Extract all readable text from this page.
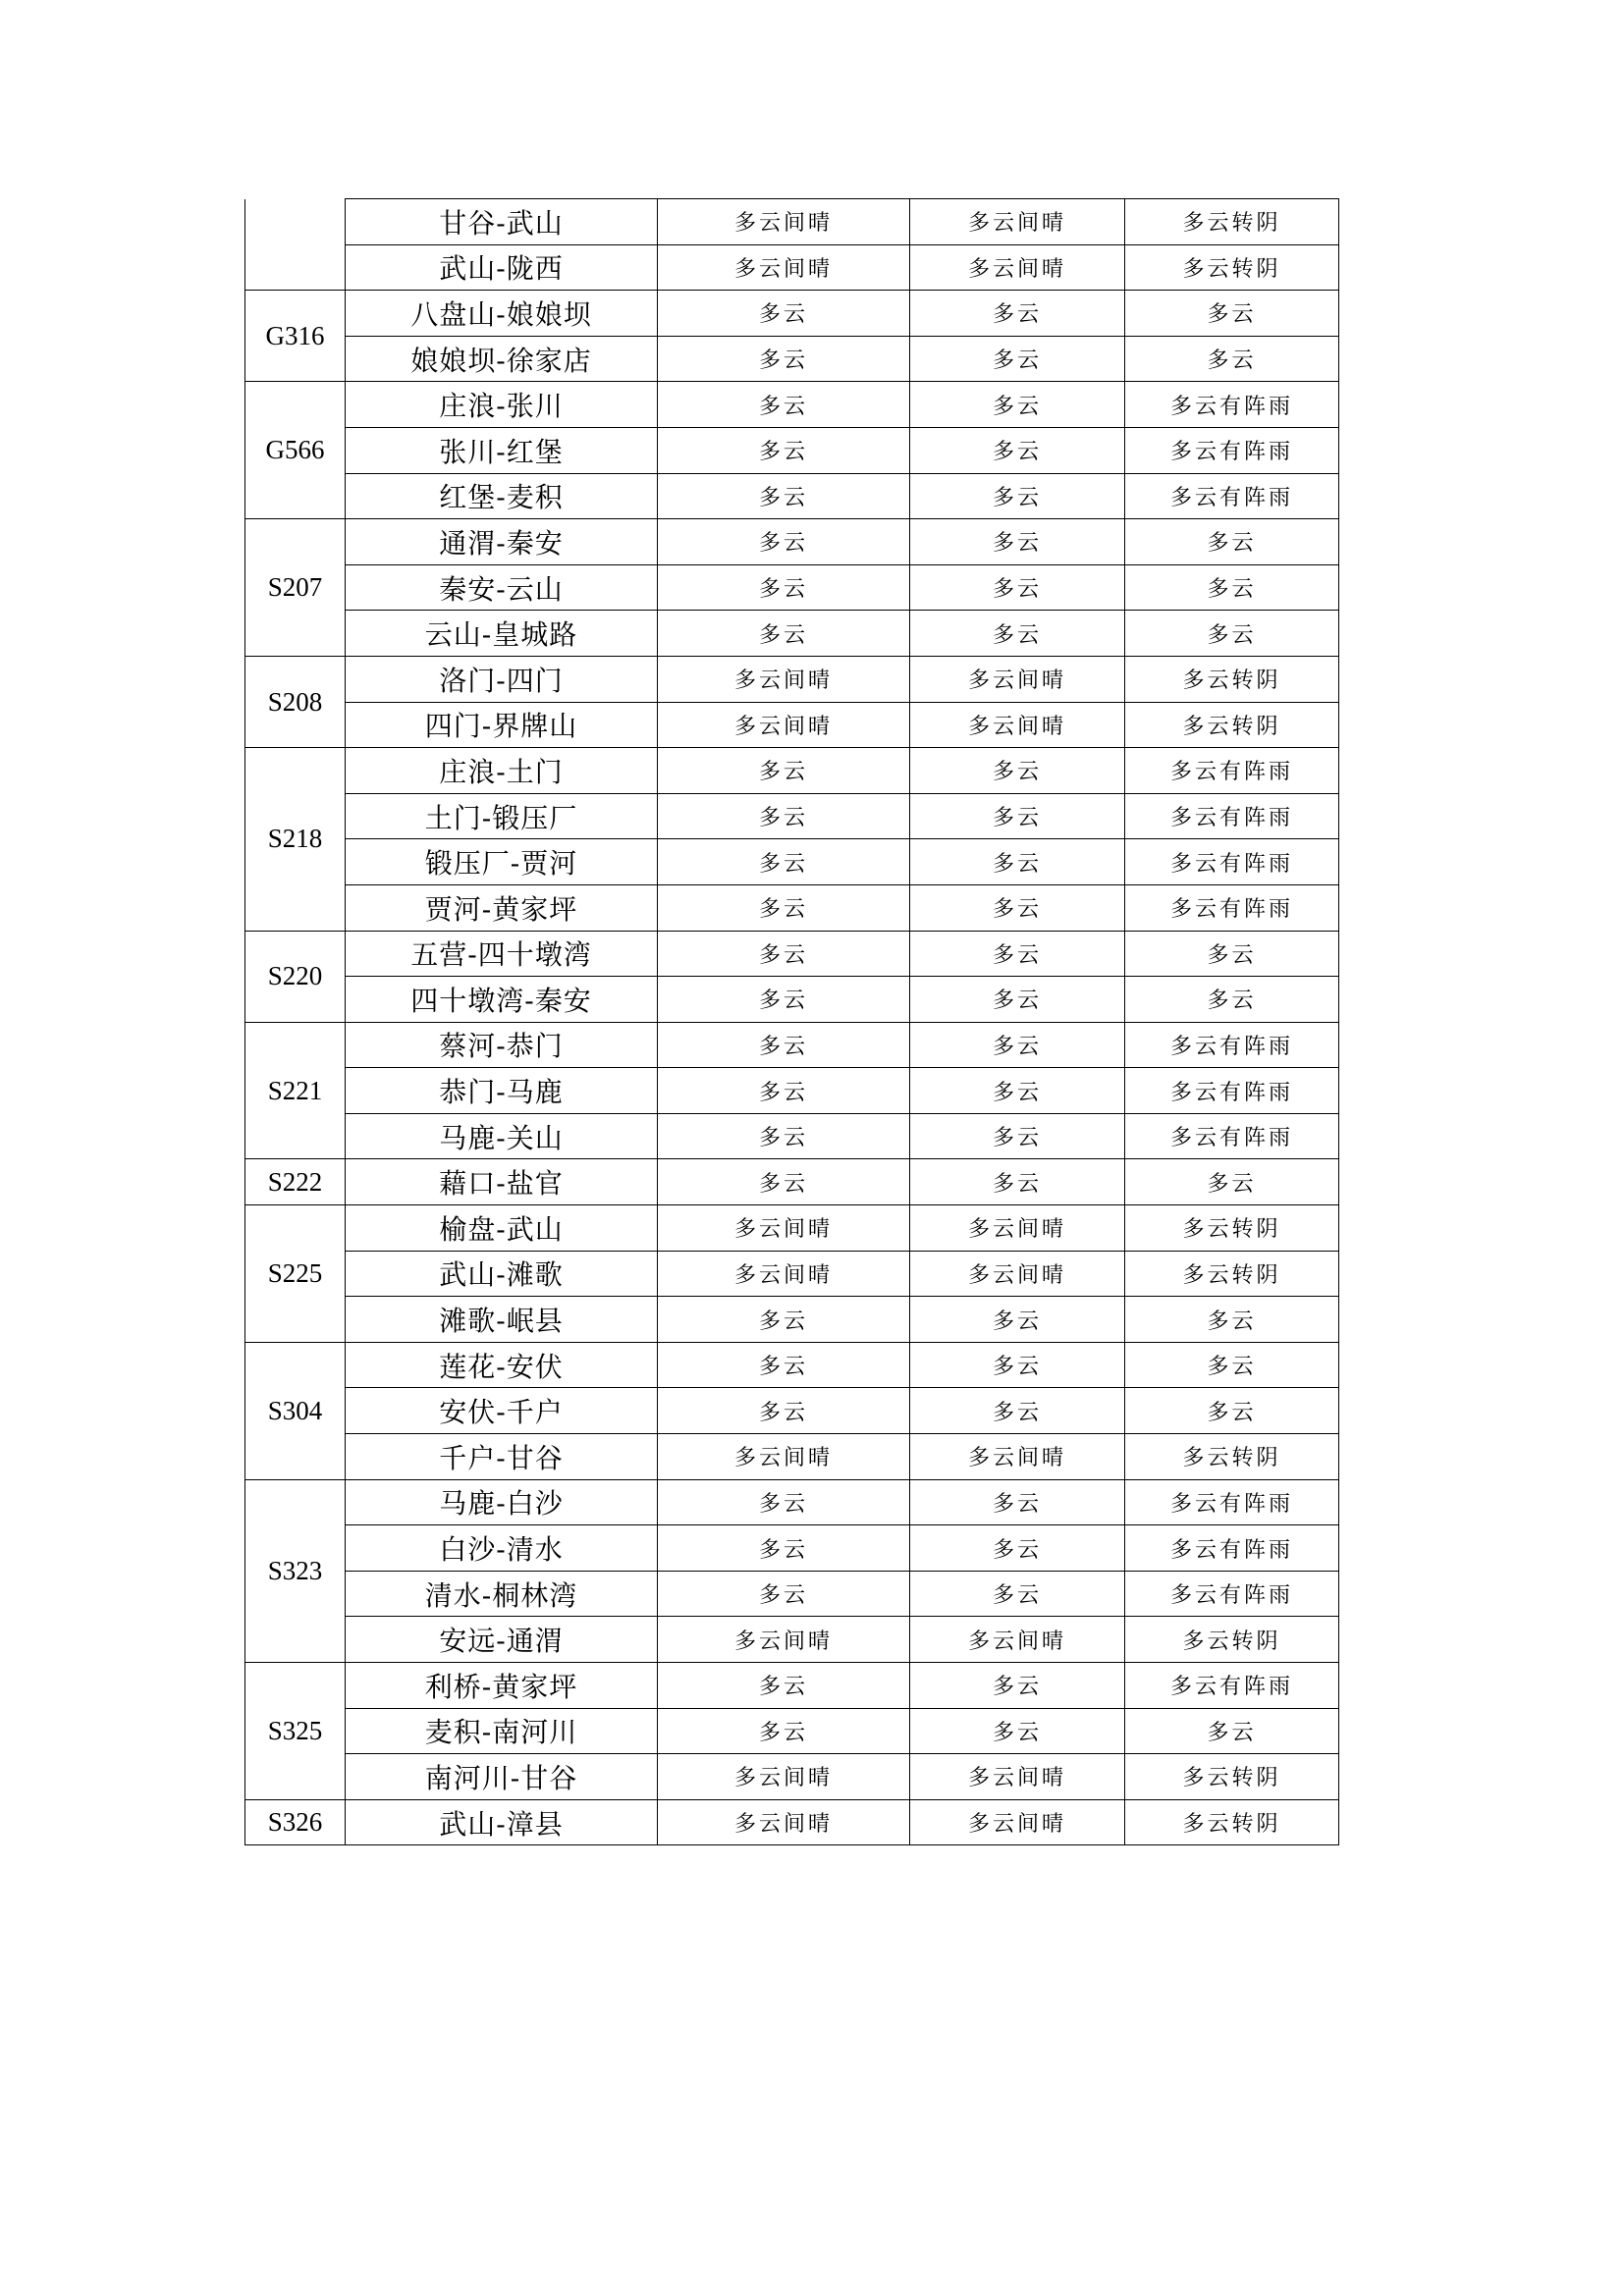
	甘谷-武山	多云间晴	多云间晴	多云转阴
	武山-陇西	多云间晴	多云间晴	多云转阴
G316	八盘山-娘娘坝	多云	多云	多云
	娘娘坝-徐家店	多云	多云	多云
G566	庄浪-张川	多云	多云	多云有阵雨
	张川-红堡	多云	多云	多云有阵雨
	红堡-麦积	多云	多云	多云有阵雨
S207	通渭-秦安	多云	多云	多云
	秦安-云山	多云	多云	多云
	云山-皇城路	多云	多云	多云
S208	洛门-四门	多云间晴	多云间晴	多云转阴
	四门-界牌山	多云间晴	多云间晴	多云转阴
S218	庄浪-土门	多云	多云	多云有阵雨
	土门-锻压厂	多云	多云	多云有阵雨
	锻压厂-贾河	多云	多云	多云有阵雨
	贾河-黄家坪	多云	多云	多云有阵雨
S220	五营-四十墩湾	多云	多云	多云
	四十墩湾-秦安	多云	多云	多云
S221	蔡河-恭门	多云	多云	多云有阵雨
	恭门-马鹿	多云	多云	多云有阵雨
	马鹿-关山	多云	多云	多云有阵雨
S222	藉口-盐官	多云	多云	多云
S225	榆盘-武山	多云间晴	多云间晴	多云转阴
	武山-滩歌	多云间晴	多云间晴	多云转阴
	滩歌-岷县	多云	多云	多云
S304	莲花-安伏	多云	多云	多云
	安伏-千户	多云	多云	多云
	千户-甘谷	多云间晴	多云间晴	多云转阴
S323	马鹿-白沙	多云	多云	多云有阵雨
	白沙-清水	多云	多云	多云有阵雨
	清水-桐林湾	多云	多云	多云有阵雨
	安远-通渭	多云间晴	多云间晴	多云转阴
S325	利桥-黄家坪	多云	多云	多云有阵雨
	麦积-南河川	多云	多云	多云
	南河川-甘谷	多云间晴	多云间晴	多云转阴
S326	武山-漳县	多云间晴	多云间晴	多云转阴
